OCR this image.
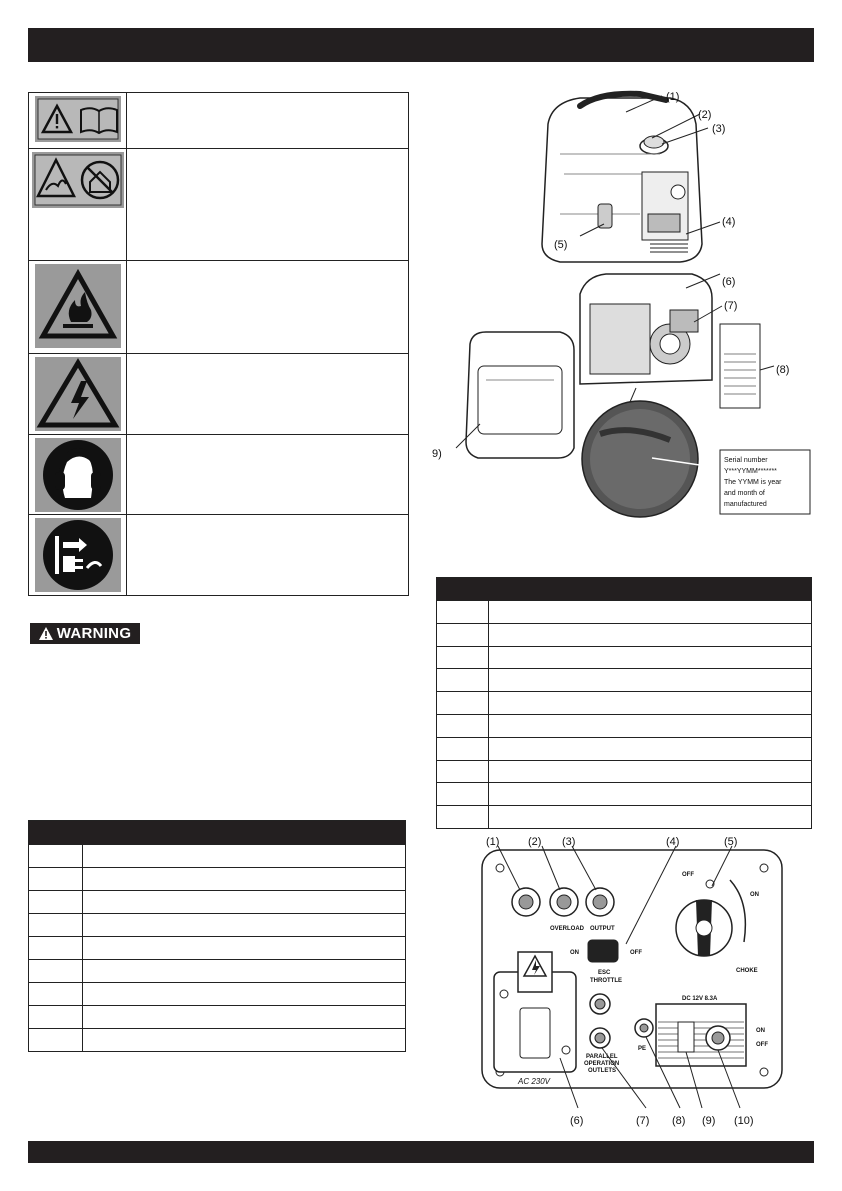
WARNING
Serial number
Y***YYMM*******
The YYMM is year
and month of
manufactured
(1)
(2)
(3)
(4)
(5)
(6)
(7)
(8)
9)
OVERLOAD OUTPUT
ON	OFF
ESC
THROTTLE
AC 230V
PARALLEL
OPERATION
OUTLETS
PE
OFF
ON
CHOKE
DC 12V 8.3A
ON
OFF
(1)	(2) (3)	(4)	(5)
(6)	(7) (8) (9) (10)
